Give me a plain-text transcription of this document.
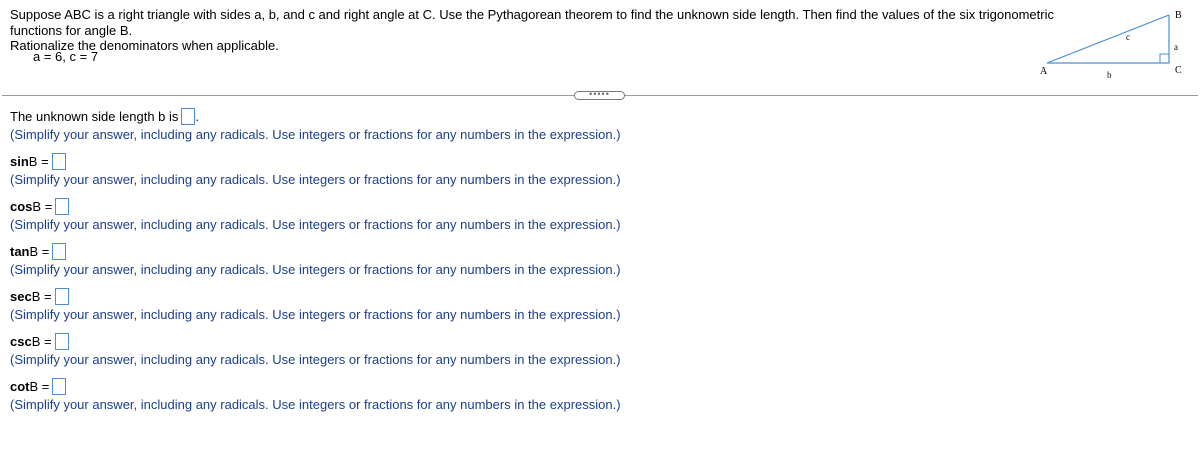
Suppose ABC is a right triangle with sides a, b, and c and right angle at C. Use the Pythagorean theorem to find the unknown side length. Then find the values of the six trigonometric functions for angle B.

Rationalize the denominators when applicable.

a = 6, c = 7
A
B
C
a
b
c
•••••
The unknown side length b is .
(Simplify your answer, including any radicals. Use integers or fractions for any numbers in the expression.)
sin B =
(Simplify your answer, including any radicals. Use integers or fractions for any numbers in the expression.)
cos B =
(Simplify your answer, including any radicals. Use integers or fractions for any numbers in the expression.)
tan B =
(Simplify your answer, including any radicals. Use integers or fractions for any numbers in the expression.)
sec B =
(Simplify your answer, including any radicals. Use integers or fractions for any numbers in the expression.)
csc B =
(Simplify your answer, including any radicals. Use integers or fractions for any numbers in the expression.)
cot B =
(Simplify your answer, including any radicals. Use integers or fractions for any numbers in the expression.)
